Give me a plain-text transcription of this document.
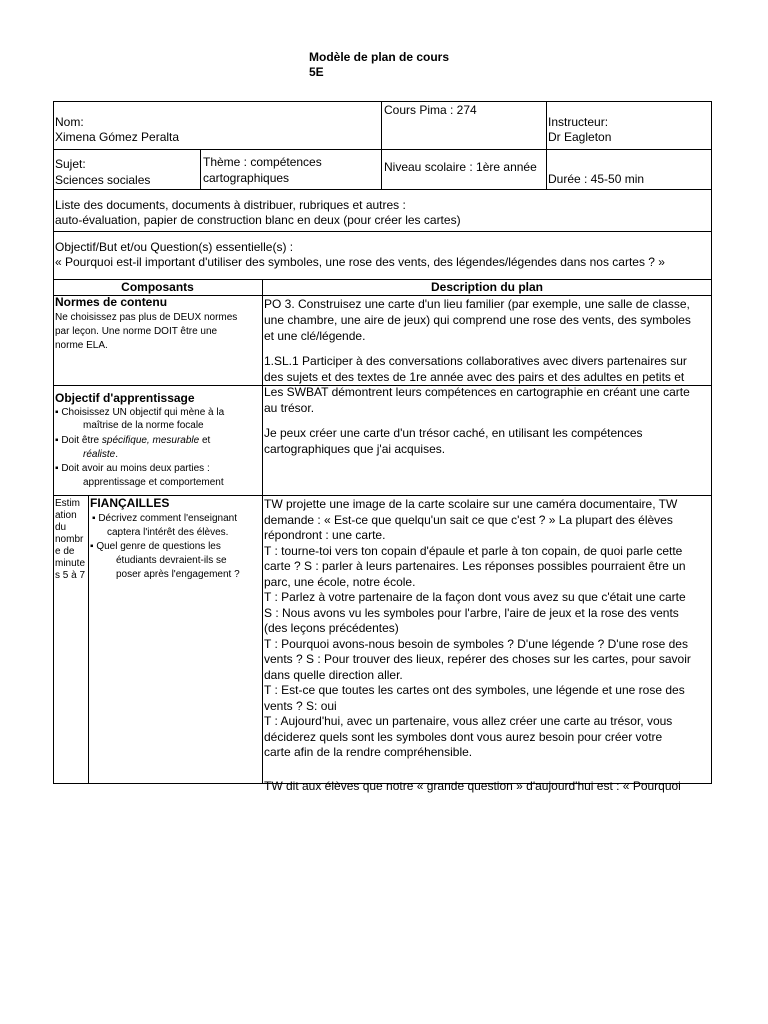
Modèle de plan de cours
5E
Nom:
Ximena Gómez Peralta
Cours Pima : 274
Instructeur:
Dr Eagleton
Sujet:
Sciences sociales
Thème : compétences
cartographiques
Niveau scolaire : 1ère année
Durée : 45-50 min
Liste des documents, documents à distribuer, rubriques et autres :
auto-évaluation, papier de construction blanc en deux (pour créer les cartes)
Objectif/But et/ou Question(s) essentielle(s) :
« Pourquoi est-il important d'utiliser des symboles, une rose des vents, des légendes/légendes dans nos cartes ? »
Composants	Description du plan
Normes de contenu
Ne choisissez pas plus de DEUX normes
par leçon. Une norme DOIT être une
norme ELA.
PO 3. Construisez une carte d'un lieu familier (par exemple, une salle de classe,
une chambre, une aire de jeux) qui comprend une rose des vents, des symboles
et une clé/légende.
1.SL.1 Participer à des conversations collaboratives avec divers partenaires sur
des sujets et des textes de 1re année avec des pairs et des adultes en petits et
Objectif d'apprentissage
▪ Choisissez UN objectif qui mène à la
maîtrise de la norme focale
▪ Doit être spécifique, mesurable et
réaliste.
▪ Doit avoir au moins deux parties :
apprentissage et comportement
Les SWBAT démontrent leurs compétences en cartographie en créant une carte
au trésor.
Je peux créer une carte d'un trésor caché, en utilisant les compétences
cartographiques que j'ai acquises.
Estim
ation
du
nombr
e de
minute
s 5 à 7
FIANÇAILLES
▪ Décrivez comment l'enseignant
captera l'intérêt des élèves.
▪ Quel genre de questions les
étudiants devraient-ils se
poser après l'engagement ?
TW projette une image de la carte scolaire sur une caméra documentaire, TW
demande : « Est-ce que quelqu'un sait ce que c'est ? » La plupart des élèves
répondront : une carte.
T : tourne-toi vers ton copain d'épaule et parle à ton copain, de quoi parle cette
carte ? S : parler à leurs partenaires. Les réponses possibles pourraient être un
parc, une école, notre école.
T : Parlez à votre partenaire de la façon dont vous avez su que c'était une carte
S : Nous avons vu les symboles pour l'arbre, l'aire de jeux et la rose des vents
(des leçons précédentes)
T : Pourquoi avons-nous besoin de symboles ? D'une légende ? D'une rose des
vents ? S : Pour trouver des lieux, repérer des choses sur les cartes, pour savoir
dans quelle direction aller.
T : Est-ce que toutes les cartes ont des symboles, une légende et une rose des
vents ? S: oui
T : Aujourd'hui, avec un partenaire, vous allez créer une carte au trésor, vous
déciderez quels sont les symboles dont vous aurez besoin pour créer votre
carte afin de la rendre compréhensible.
TW dit aux élèves que notre « grande question » d'aujourd'hui est : « Pourquoi
